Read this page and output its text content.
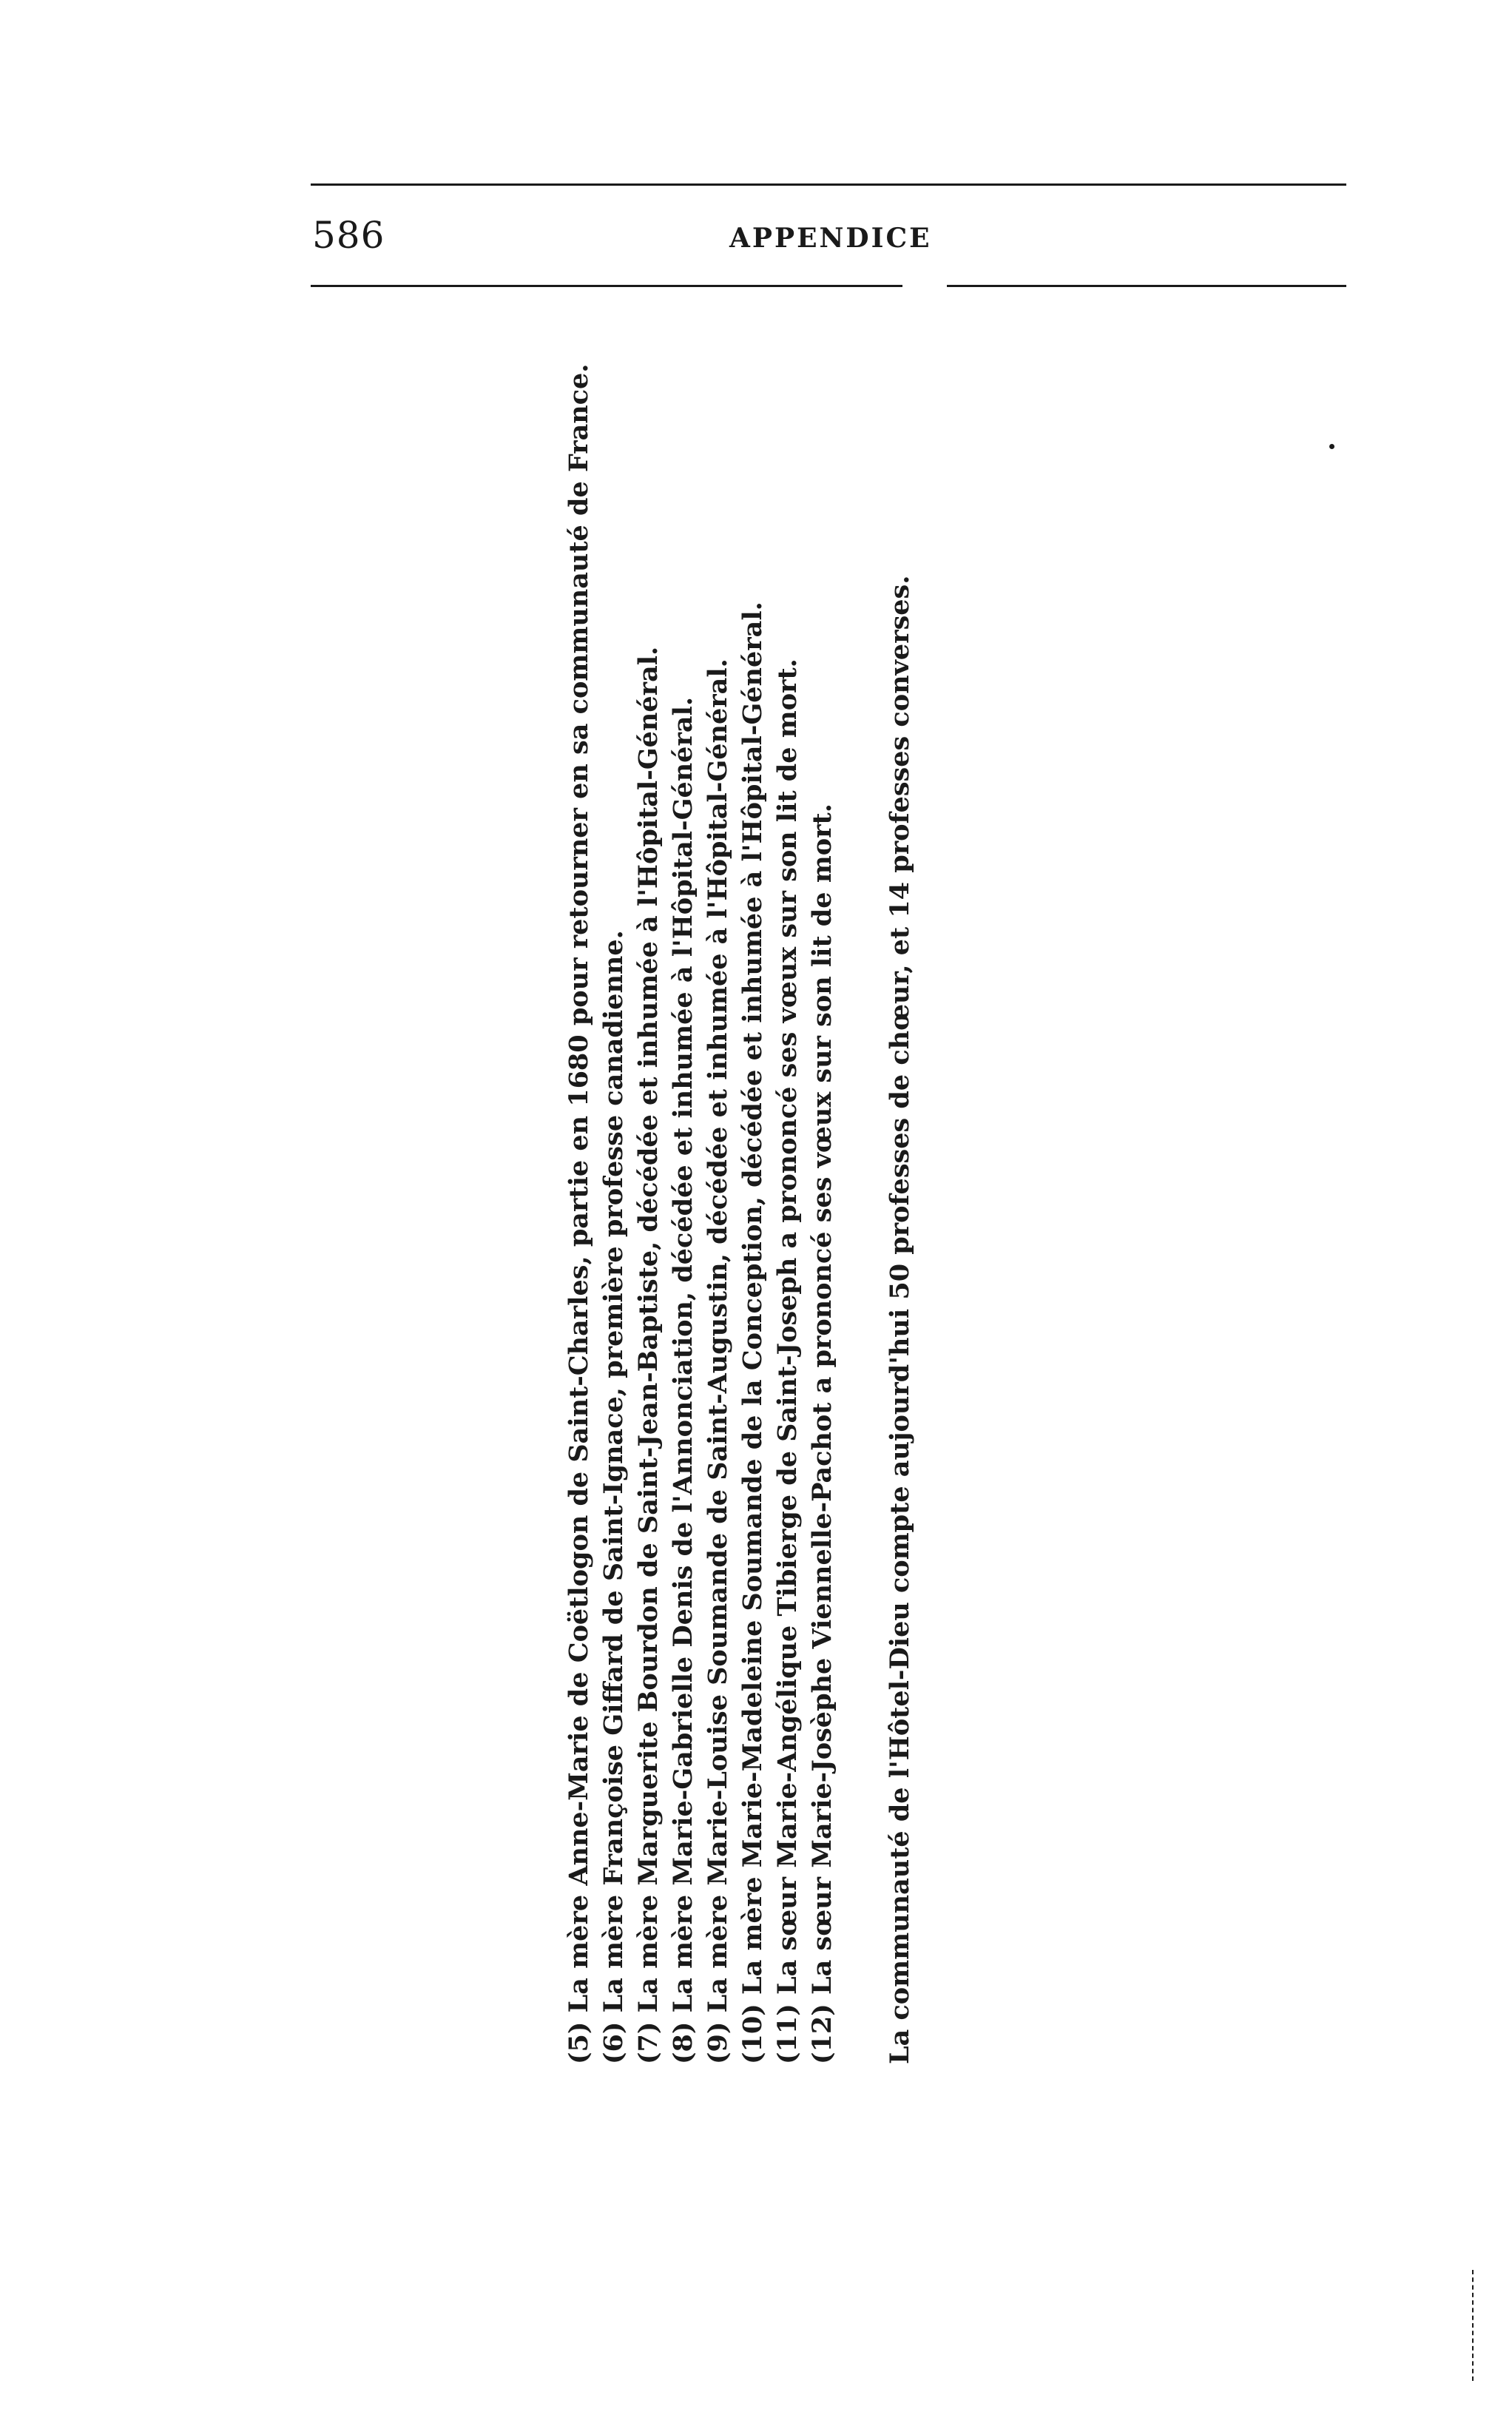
586	APPENDICE
(5) La mère Anne-Marie de Coëtlogon de Saint-Charles, partie en 1680 pour retourner en sa communauté de France.
(6) La mère Françoise Giffard de Saint-Ignace, première professe canadienne.
(7) La mère Marguerite Bourdon de Saint-Jean-Baptiste, décédée et inhumée à l'Hôpital-Général.
(8) La mère Marie-Gabrielle Denis de l'Annonciation, décédée et inhumée à l'Hôpital-Général.
(9) La mère Marie-Louise Soumande de Saint-Augustin, décédée et inhumée à l'Hôpital-Général.
(10) La mère Marie-Madeleine Soumande de la Conception, décédée et inhumée à l'Hôpital-Général.
(11) La sœur Marie-Angélique Tibierge de Saint-Joseph a prononcé ses vœux sur son lit de mort.
(12) La sœur Marie-Josèphe Viennelle-Pachot a prononcé ses vœux sur son lit de mort. La communauté de l'Hôtel-Dieu compte aujourd'hui 50 professes de chœur, et 14 professes converses.
